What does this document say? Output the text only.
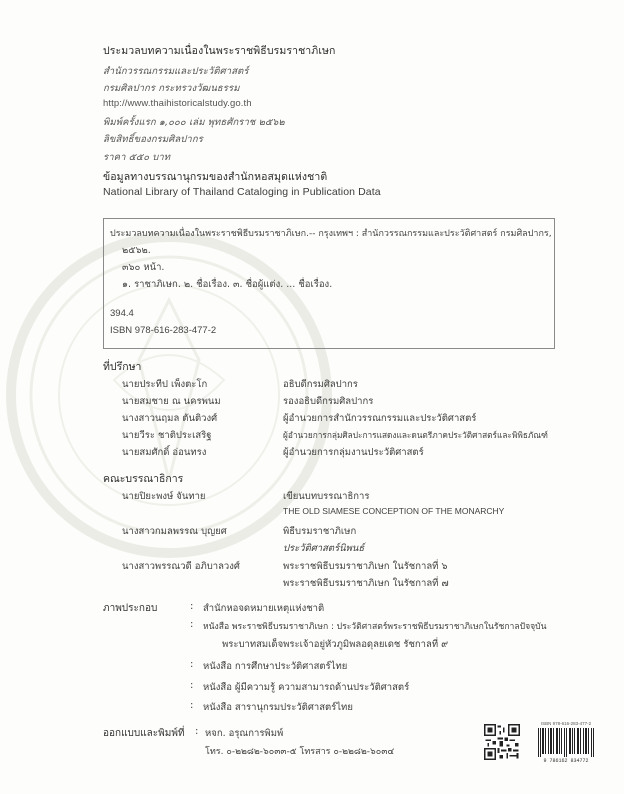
ประมวลบทความเนื่องในพระราชพิธีบรมราชาภิเษก
สำนักวรรณกรรมและประวัติศาสตร์
กรมศิลปากร กระทรวงวัฒนธรรม
http://www.thaihistoricalstudy.go.th
พิมพ์ครั้งแรก ๑,๐๐๐ เล่ม พุทธศักราช ๒๕๖๒
ลิขสิทธิ์ของกรมศิลปากร
ราคา ๕๕๐ บาท
ข้อมูลทางบรรณานุกรมของสำนักหอสมุดแห่งชาติ
National Library of Thailand Cataloging in Publication Data
ประมวลบทความเนื่องในพระราชพิธีบรมราชาภิเษก.-- กรุงเทพฯ : สำนักวรรณกรรมและประวัติศาสตร์ กรมศิลปากร,
๒๕๖๒.
๓๖๐ หน้า.
๑. ราชาภิเษก. ๒. ชื่อเรื่อง. ๓. ชื่อผู้แต่ง. ... ชื่อเรื่อง.
394.4
ISBN 978-616-283-477-2
ที่ปรึกษา
นายประทีป เพ็งตะโก	อธิบดีกรมศิลปากร
นายสมชาย ณ นครพนม	รองอธิบดีกรมศิลปากร
นางสาวนฤมล ตันติวงศ์	ผู้อำนวยการสำนักวรรณกรรมและประวัติศาสตร์
นายวีระ ชาติประเสริฐ	ผู้อำนวยการกลุ่มศิลปะการแสดงและดนตรีภาคประวัติศาสตร์และพิพิธภัณฑ์
นายสมศักดิ์ อ่อนทรง	ผู้อำนวยการกลุ่มงานประวัติศาสตร์
คณะบรรณาธิการ
นายปิยะพงษ์ จันทาย	เขียนบทบรรณาธิการ
THE OLD SIAMESE CONCEPTION OF THE MONARCHY
นางสาวกมลพรรณ บุญยศ	พิธีบรมราชาภิเษก
ประวัติศาสตร์นิพนธ์
นางสาวพรรณวดี อภิบาลวงศ์	พระราชพิธีบรมราชาภิเษก ในรัชกาลที่ ๖
พระราชพิธีบรมราชาภิเษก ในรัชกาลที่ ๗
ภาพประกอบ	: สำนักหอจดหมายเหตุแห่งชาติ
: หนังสือ พระราชพิธีบรมราชาภิเษก : ประวัติศาสตร์พระราชพิธีบรมราชาภิเษกในรัชกาลปัจจุบัน
พระบาทสมเด็จพระเจ้าอยู่หัวภูมิพลอดุลยเดช รัชกาลที่ ๙
: หนังสือ การศึกษาประวัติศาสตร์ไทย
: หนังสือ ผู้มีความรู้ ความสามารถด้านประวัติศาสตร์
: หนังสือ สารานุกรมประวัติศาสตร์ไทย
ออกแบบและพิมพ์ที่ : หจก. อรุณการพิมพ์
โทร. ๐-๒๒๘๒-๖๐๓๓-๕ โทรสาร ๐-๒๒๘๒-๖๐๓๔
ISBN 978-616-283-477-2
9 786162 834772
